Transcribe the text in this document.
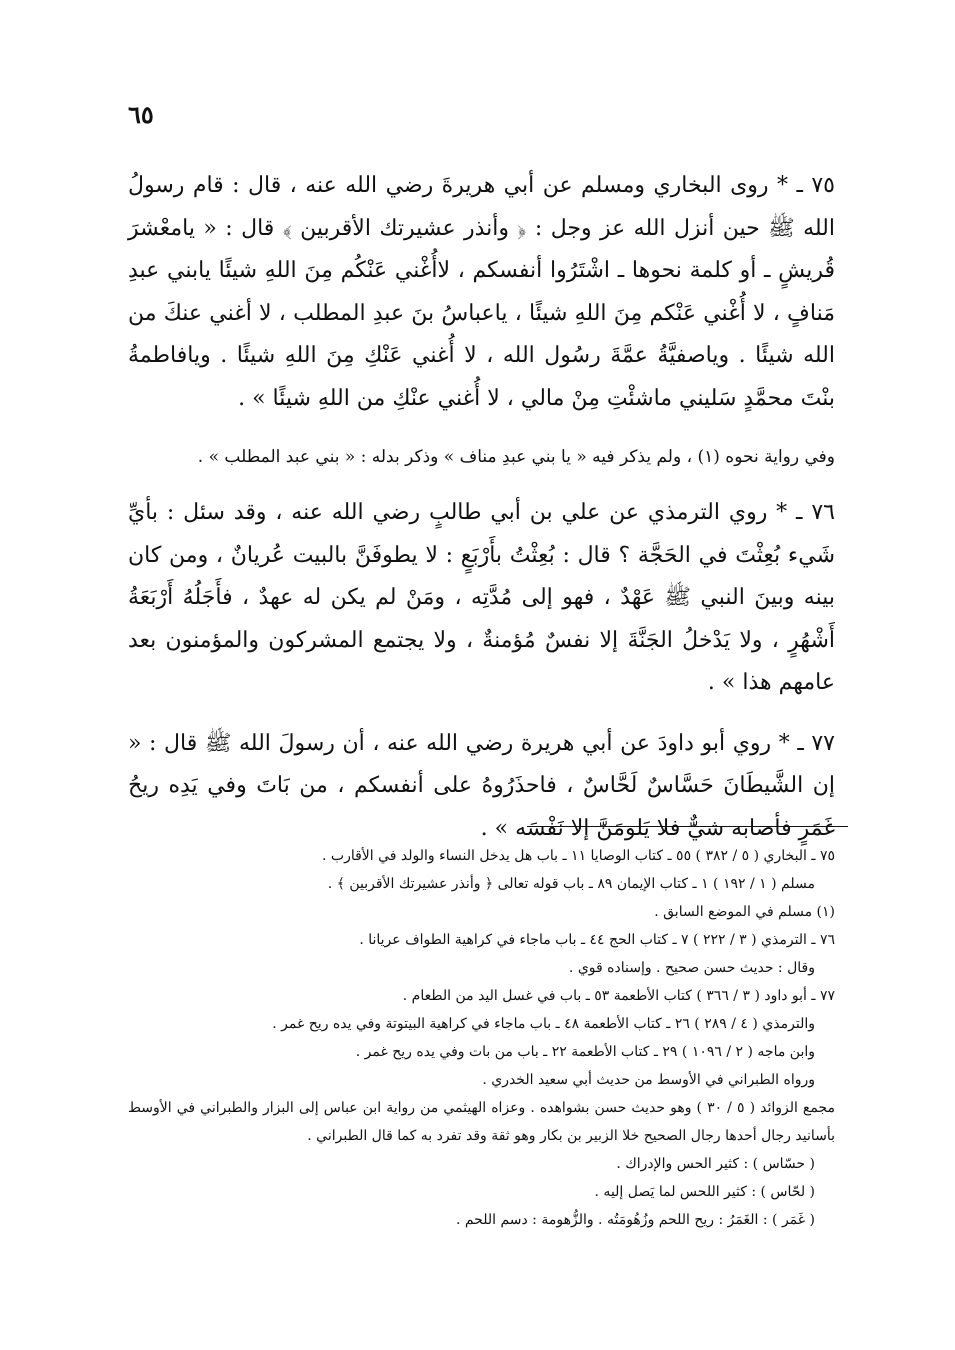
٦٥

٧٥ ـ * روى البخاري ومسلم عن أبي هريرةَ رضي الله عنه ، قال : قام رسولُ الله ﷺ حين أنزل الله عز وجل : ﴿ وأنذر عشيرتك الأقربين ﴾ قال : « يامعْشرَ قُريشٍ ـ أو كلمة نحوها ـ اشْتَرُوا أنفسكم ، لاأُغْني عَنْكُم مِنَ اللهِ شيئًا يابني عبدِ مَنافٍ ، لا أُغْني عَنْكم مِنَ اللهِ شيئًا ، ياعباسُ بنَ عبدِ المطلب ، لا أغني عنكَ من الله شيئًا . وياصفيَّةُ عمَّةَ رسُول الله ، لا أُغني عَنْكِ مِنَ اللهِ شيئًا . ويافاطمةُ بنْتَ محمَّدٍ سَليني ماشئْتِ مِنْ مالي ، لا أُغني عنْكِ من اللهِ شيئًا » .

وفي رواية نحوه (١) ، ولم يذكر فيه « يا بني عبدِ مناف » وذكر بدله : « بني عبد المطلب » .

٧٦ ـ * روي الترمذي عن علي بن أبي طالبٍ رضي الله عنه ، وقد سئل : بأيِّ شَيء بُعِثْتَ في الحَجَّة ؟ قال : بُعِثْتُ بأَرْبَعٍ : لا يطوفَنَّ بالبيت عُريانٌ ، ومن كان بينه وبينَ النبي ﷺ عَهْدٌ ، فهو إلى مُدَّتِه ، ومَنْ لم يكن له عهدٌ ، فأَجَلُهُ أَرْبَعَةُ أَشْهُرٍ ، ولا يَدْخلُ الجَنَّةَ إلا نفسٌ مُؤمنةٌ ، ولا يجتمع المشركون والمؤمنون بعد عامهم هذا » .

٧٧ ـ * روي أبو داودَ عن أبي هريرة رضي الله عنه ، أن رسولَ الله ﷺ قال : « إن الشَّيطَانَ حَسَّاسٌ لَحَّاسٌ ، فاحذَرُوهُ على أنفسكم ، من بَاتَ وفي يَدِه ريحُ غَمَرٍ فأصابه شيٌّ فلا يَلومَنَّ إلا نَفْسَه » .

٧٥ ـ البخاري ( ٥ / ٣٨٢ ) ٥٥ ـ كتاب الوصايا ١١ ـ باب هل يدخل النساء والولد في الأقارب .

مسلم ( ١ / ١٩٢ ) ١ ـ كتاب الإيمان ٨٩ ـ باب قوله تعالى ﴿ وأنذر عشيرتك الأقربين ﴾ .

(١) مسلم في الموضع السابق .

٧٦ ـ الترمذي ( ٣ / ٢٢٢ ) ٧ ـ كتاب الحج ٤٤ ـ باب ماجاء في كراهية الطواف عريانا .

وقال : حديث حسن صحيح . وإسناده قوي .

٧٧ ـ أبو داود ( ٣ / ٣٦٦ ) كتاب الأطعمة ٥٣ ـ باب في غسل اليد من الطعام .

والترمذي ( ٤ / ٢٨٩ ) ٢٦ ـ كتاب الأطعمة ٤٨ ـ باب ماجاء في كراهية البيتوتة وفي يده ريح غمر .

وابن ماجه ( ٢ / ١٠٩٦ ) ٢٩ ـ كتاب الأطعمة ٢٢ ـ باب من بات وفي يده ريح غمر .

ورواه الطبراني في الأوسط من حديث أبي سعيد الخدري .

مجمع الزوائد ( ٥ / ٣٠ ) وهو حديث حسن بشواهده . وعزاه الهيثمي من رواية ابن عباس إلى البزار والطبراني في الأوسط بأسانيد رجال أحدها رجال الصحيح خلا الزبير بن بكار وهو ثقة وقد تفرد به كما قال الطبراني .

( حسّاس ) : كثير الحس والإدراك .

( لحّاس ) : كثير اللحس لما يَصل إليه .

( غَمَر ) : الغَمَرُ : ريح اللحم وزُهُومَتُه . والزُّهومة : دسم اللحم .
